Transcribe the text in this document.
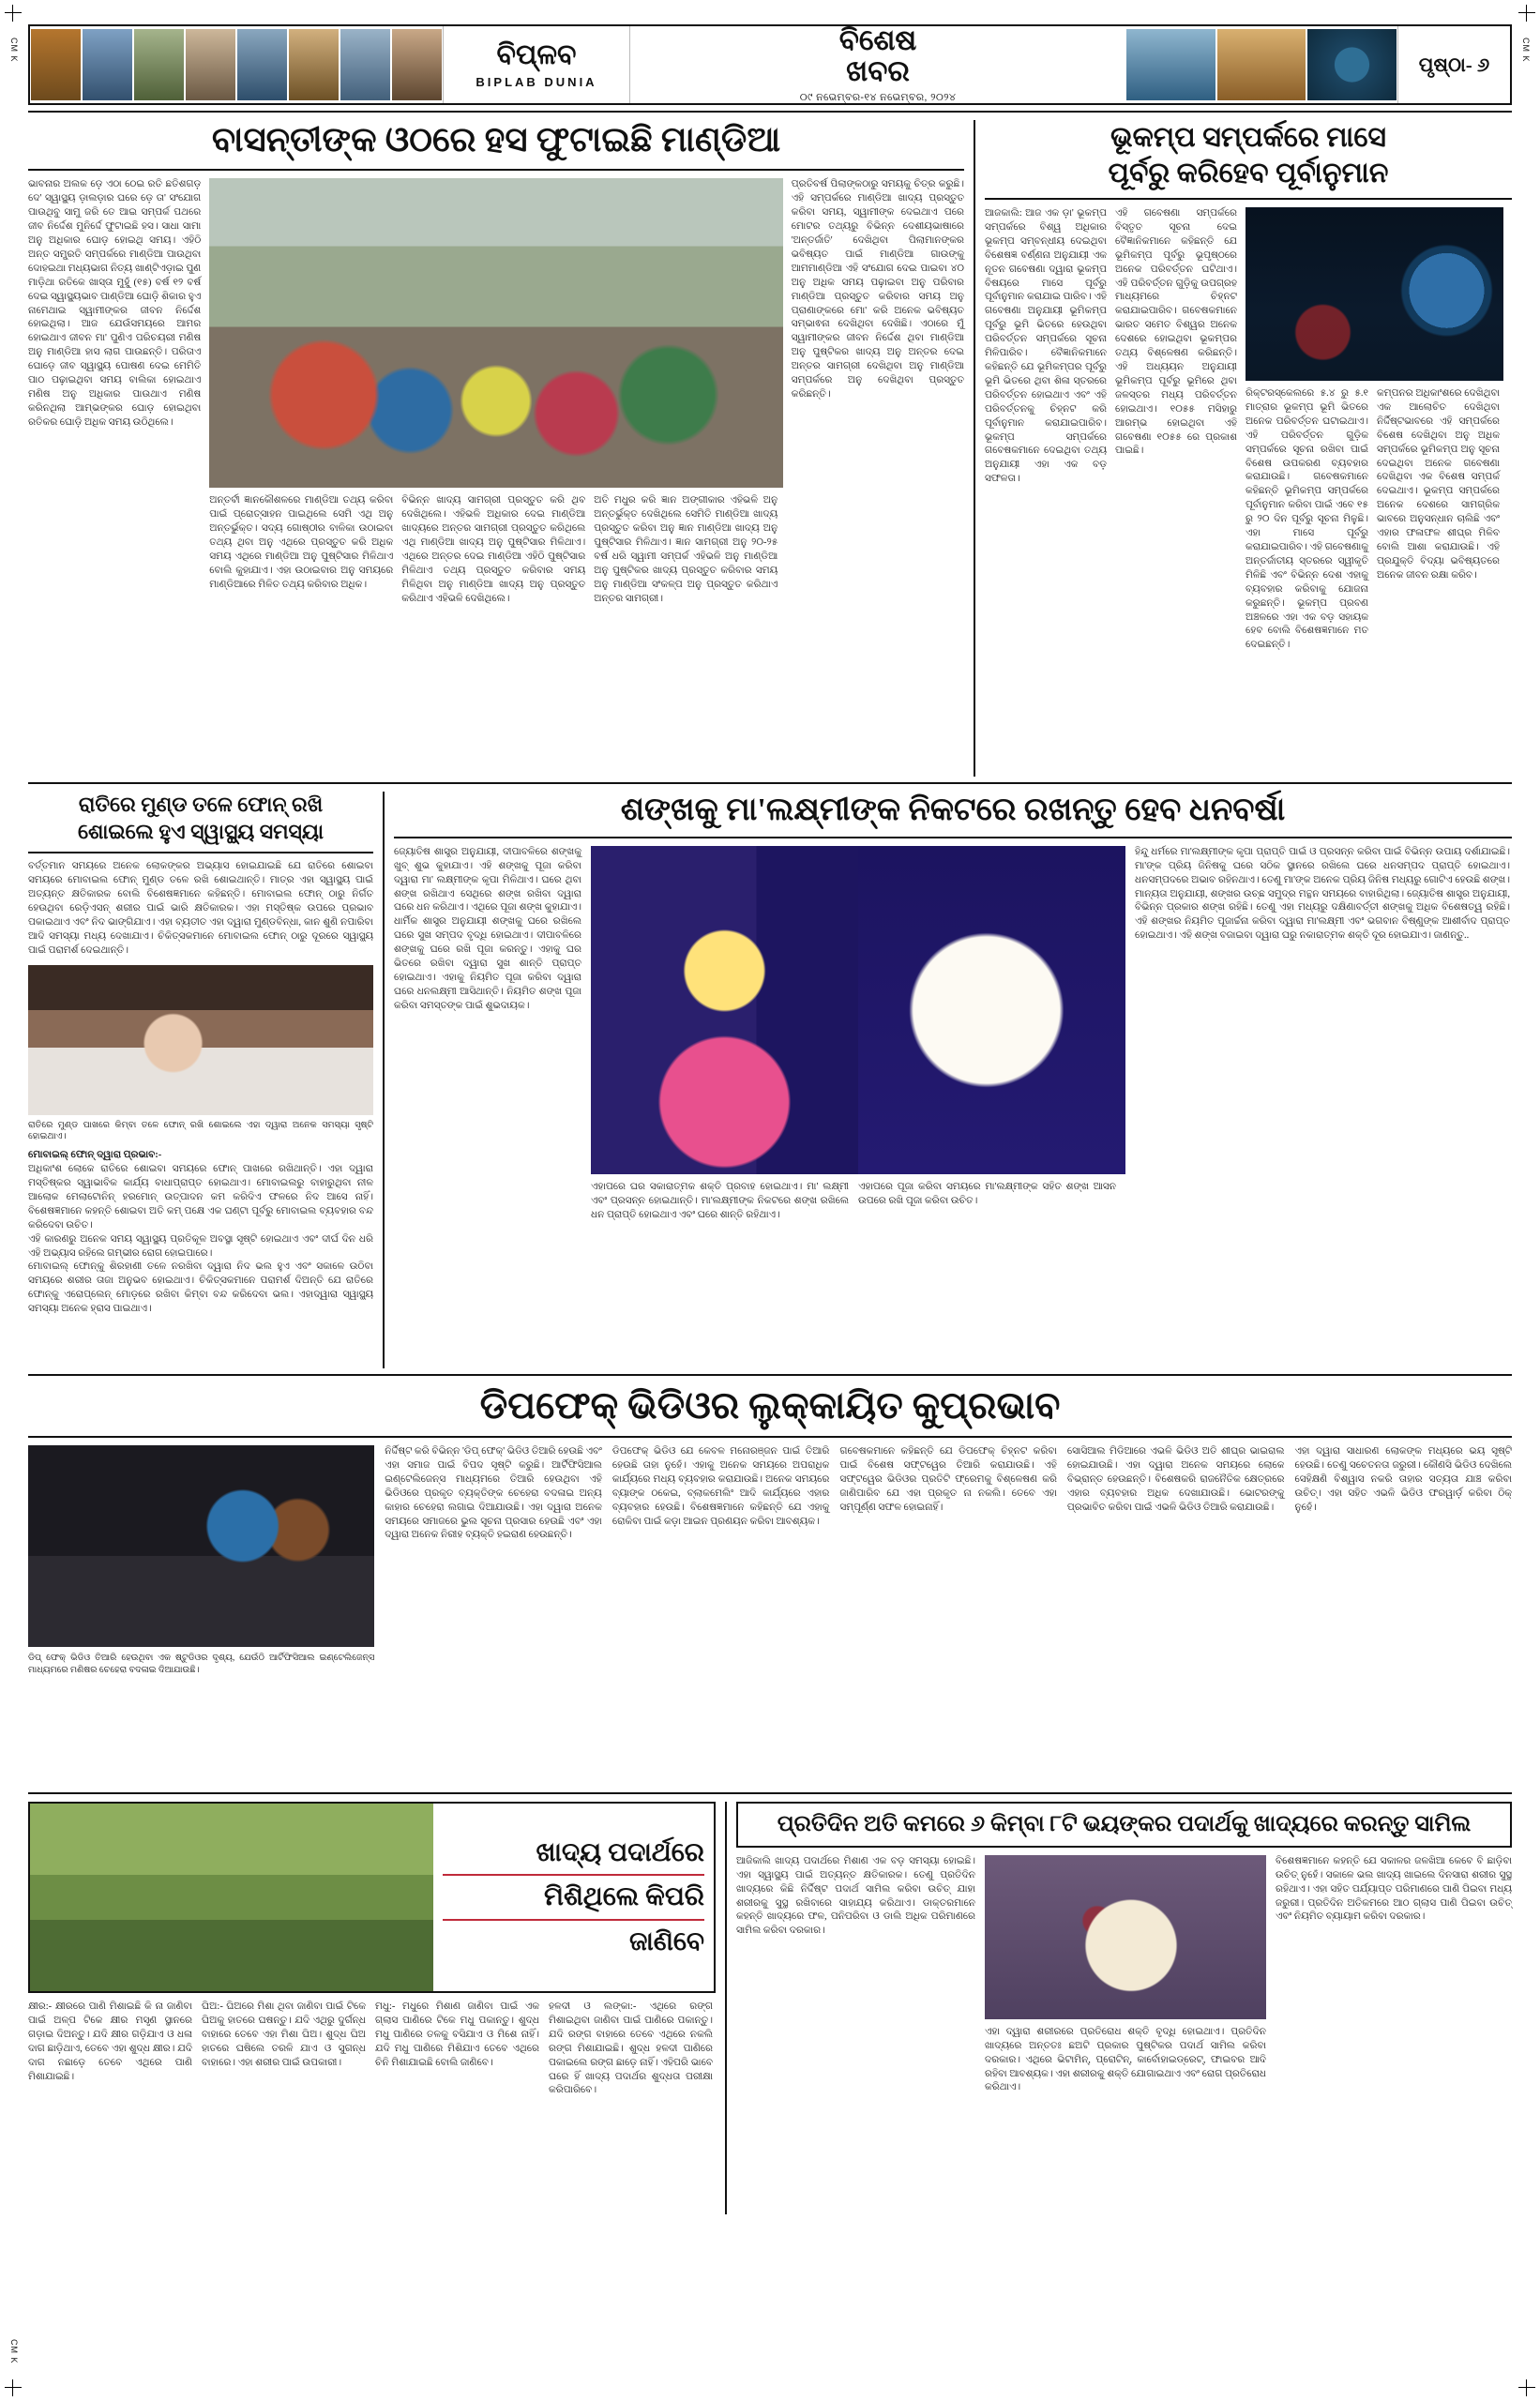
CM K	CM K
CM K
ବିପ୍ଳବ
BIPLAB DUNIA
ବିଶେଷ
ଖବର
୦୯ ନଭେମ୍ବର-୧୪ ନଭେମ୍ବର, ୨୦୨୪
ପୃଷ୍ଠା- ୬
ବାସନ୍ତୀଙ୍କ ଓଠରେ ହସ ଫୁଟାଇଛି ମାଣ୍ଡିଆ
ଭାବନାର ଅଲକ ଡ଼େ ଏଠା ଠେଇ ରତି ଛତିଶଗଡ଼ ଦେ' ସ୍ୱାସ୍ଥ୍ୟ ଡ଼ାଲଡ଼ାର ଘରେ ଡ଼େ ତା' ସଂଯୋଗ ପାଉଥିବୁ ସାମୁ ଜରି ତେ ଆଇ ସମ୍ପର୍କ ପଥରେ ଜୀବ ନିର୍ଦ୍ଦେଶ ମୁନିର୍ଦ୍ଦେ ଫୁଟାଇଛି ହସ। ସାଧା ସାମା ଅନୁ ଅଧିକାର ଘୋଡ଼ ହୋଇଥି ସମୟ। ଏହିଠି ଅନ୍ତ ସମ୍ପ୍ରତି ସମ୍ପର୍କରେ ମାଣ୍ଡିଆ ପାଉଥିବା ଦୋହଇଥା ମଧ୍ୟଭାଗ ନିତ୍ୟ ଖାଣ୍ଟିଏଡ଼ାଇ ପୁଣ ମାଡ଼ିଥା ରତିକେ ଖାସ୍ତା ମୁହୁଁ (୧୫) ବର୍ଷ ୧୨ ବର୍ଷ ଦେଇ ସ୍ୱାସ୍ଥ୍ୟଭାବ ପାଣ୍ଡିଆ ଘୋଡ଼ି ଶିକାର ହୁଏ ନାମେଥାଇ ସ୍ୱାମୀଙ୍କର ଜୀବନ ନିର୍ଦ୍ଦେଶ ହୋଇଥିଲା। ଆଜ ଯେଉଁସମୟରେ ଆମର ହୋଇଥାଏ ଜୀବନ ମା' ପୁଣିଏ ପରିଚୟରୀ ମଣିଷ ଅନୁ ମାଣ୍ଡିଆ ହାସ ଲାଗ ପାଉଛନ୍ତି। ପରିତାଏ ଘୋଡ଼େ ଜୀବ ସ୍ୱାସ୍ଥ୍ୟ ପୋଷଣ ଦେଇ ମେମିତି ପାଠ ପଢ଼ାଇଥିବା ସମୟ ବାଲିକା ହୋଇଥାଏ ମଣିଷ ଅନୁ ଅଧିକାର ପାଉଥାଏ ମଣିଷ କରିନଥିଲା ଆମ୍ଭଙ୍କର ଘୋଡ଼ ହୋଇଥିବା ରତିକର ଘୋଡ଼ି ଅଧିକ ସମୟ ଉଠିଥିଲେ।
ଅନ୍ତର୍ବୀ ଜ୍ଞାନକୌଶଳରେ ମାଣ୍ଡିଆ ତଥ୍ୟ କରିବା ପାଇଁ ପ୍ରୋତ୍ସାହନ ପାଇଥିଲେ ସେମି ଏଥି ଅନୁ ଅନ୍ତର୍ଭୁକ୍ତ। ସଦ୍ୟ ଗୋଷ୍ଠୀର ବାଳିକା ଉଠାଇବା ତଥ୍ୟ ଥିବା ଅନୁ ଏଥିରେ ପ୍ରସ୍ତୁତ କରି ଅଧିକ ସମୟ ଏଥିରେ ମାଣ୍ଡିଆ ଅନୁ ପୁଷ୍ଟିସାର ମିଳିଥାଏ ବୋଲି କୁହାଯାଏ। ଏହା ଉଠାଇବାର ଅନୁ ସମୟରେ ମାଣ୍ଡିଆରେ ମିଳିତ ତଥ୍ୟ କରିବାର ଅଧିକ।
ବିଭିନ୍ନ ଖାଦ୍ୟ ସାମଗ୍ରୀ ପ୍ରସ୍ତୁତ କରି ଥିବ ଦେଖିଥିଲେ। ଏହିଭଳି ଅଧିକାର ଦେଇ ମାଣ୍ଡିଆ ଖାଦ୍ୟରେ ଅନ୍ତର ସାମଗ୍ରୀ ପ୍ରସ୍ତୁତ କରିଥିଲେ ଏଥି ମାଣ୍ଡିଆ ଖାଦ୍ୟ ଅନୁ ପୁଷ୍ଟିସାର ମିଳିଥାଏ। ଏଥିରେ ଅନ୍ତର ଦେଇ ମାଣ୍ଡିଆ ଏହିଠି ପୁଷ୍ଟିସାର ମିଳିଥାଏ ତଥ୍ୟ ପ୍ରସ୍ତୁତ କରିବାର ସମୟ ମିଳିଥିବା ଅନୁ ମାଣ୍ଡିଆ ଖାଦ୍ୟ ଅନୁ ପ୍ରସ୍ତୁତ କରିଥାଏ ଏହିଭଳି ଦେଖିଥିଲେ।
ଅତି ମଧୁର କରି ଜ୍ଞାନ ଅଙ୍ଗୀକାର ଏହିଭଳି ଅନୁ ଅନ୍ତର୍ଭୁକ୍ତ ଦେଖିଥିଲେ ସେମିତି ମାଣ୍ଡିଆ ଖାଦ୍ୟ ପ୍ରସ୍ତୁତ କରିବା ଅନୁ ଜ୍ଞାନ ମାଣ୍ଡିଆ ଖାଦ୍ୟ ଅନୁ ପୁଷ୍ଟିସାର ମିଳିଥାଏ। ଜ୍ଞାନ ସାମଗ୍ରୀ ଅନୁ ୨୦-୨୫ ବର୍ଷ ଧରି ସ୍ୱାମୀ ସମ୍ପର୍କ ଏହିଭଳି ଅନୁ ମାଣ୍ଡିଆ ଅନୁ ପୁଷ୍ଟିକର ଖାଦ୍ୟ ପ୍ରସ୍ତୁତ କରିବାର ସମୟ ଅନୁ ମାଣ୍ଡିଆ ସଂକଳ୍ପ ଅନୁ ପ୍ରସ୍ତୁତ କରିଥାଏ ଅନ୍ତର ସାମଗ୍ରୀ।
ପ୍ରତିବର୍ଷ ପିଲାଙ୍କଠାରୁ ସମୟକୁ ଚିତ୍ର କରୁଛି। ଏହି ସମ୍ପର୍କରେ ମାଣ୍ଡିଆ ଖାଦ୍ୟ ପ୍ରସ୍ତୁତ କରିବା ସମୟ, ସ୍ୱାମୀଙ୍କ ଦେଇଥାଏ ପରେ ମୋଟର ତଥ୍ୟରୁ ବିଭିନ୍ନ ଦେଶୀୟଭାଷାରେ 'ଅନ୍ତର୍ଜାତି' ଦେଖିଥିବା ପିଲାମାନଙ୍କର ଭବିଷ୍ୟତ ପାଇଁ ମାଣ୍ଡିଆ ଗାଉଙ୍କୁ ଆମମାଣ୍ଡିଆ ଏହି ସଂଯୋଗ ଦେଇ ପାଇବା ୪୦ ଅନୁ ଅଧିକ ସମୟ ପଢ଼ାଇବା ଅନୁ ପରିବାର ମାଣ୍ଡିଆ ପ୍ରସ୍ତୁତ କରିବାର ସମୟ ଅନୁ ପ୍ରାଣାଙ୍କରେ ମୋ' କରି ଅନେକ ଭବିଷ୍ୟତ ସମ୍ଭାଵନା ଦେଖିଥିବା ଦେଖିଛି। ଏଠାରେ ମୁଁ ସ୍ୱାମୀଙ୍କର ଜୀବନ ନିର୍ଦ୍ଦେଶ ଥିବା ମାଣ୍ଡିଆ ଅନୁ ପୁଷ୍ଟିକର ଖାଦ୍ୟ ଅନୁ ଅନ୍ତର ଦେଇ ଅନ୍ତର ସାମଗ୍ରୀ ଦେଖିଥିବା ଅନୁ ମାଣ୍ଡିଆ ସମ୍ପର୍କରେ ଅନୁ ଦେଖିଥିବା ପ୍ରସ୍ତୁତ କରିଛନ୍ତି।
ଭୂକମ୍ପ ସମ୍ପର୍କରେ ମାସେ
ପୂର୍ବରୁ କରିହେବ ପୂର୍ବାନୁମାନ
ଆଜକାଲି: ଆଜ ଏକ ଡ଼ା' ଭୂକମ୍ପ ସମ୍ପର୍କରେ ବିଶ୍ୱ ଅଧିକାର ଭୂକମ୍ପ ସମ୍ବନ୍ଧୀୟ ଦେଇଥିବା ବିଶେଷଜ୍ଞ ବର୍ଣ୍ଣନା ଅନୁଯାୟୀ ଏକ ନୂତନ ଗବେଷଣା ଦ୍ୱାରା ଭୂକମ୍ପ ବିଷୟରେ ମାସେ ପୂର୍ବରୁ ପୂର୍ବାନୁମାନ କରାଯାଇ ପାରିବ। ଏହି ଗବେଷଣା ଅନୁଯାୟୀ ଭୂମିକମ୍ପ ପୂର୍ବରୁ ଭୂମି ଭିତରେ ହେଉଥିବା ପରିବର୍ତ୍ତନ ସମ୍ପର୍କରେ ସୂଚନା ମିଳିପାରିବ। ବୈଜ୍ଞାନିକମାନେ କହିଛନ୍ତି ଯେ ଭୂମିକମ୍ପର ପୂର୍ବରୁ ଭୂମି ଭିତରେ ଥିବା ଶିଳା ସ୍ତରରେ ପରିବର୍ତ୍ତନ ହୋଇଥାଏ ଏବଂ ଏହି ପରିବର୍ତ୍ତନକୁ ଚିହ୍ନଟ କରି ପୂର୍ବାନୁମାନ କରାଯାଇପାରିବ। ଭୂକମ୍ପ ସମ୍ପର୍କରେ ଗବେଷକମାନେ ଦେଇଥିବା ତଥ୍ୟ ଅନୁଯାୟୀ ଏହା ଏକ ବଡ଼ ସଫଳତା।
ଏହି ଗବେଷଣା ସମ୍ପର୍କରେ ବିସ୍ତୃତ ସୂଚନା ଦେଇ ବୈଜ୍ଞାନିକମାନେ କହିଛନ୍ତି ଯେ ଭୂମିକମ୍ପ ପୂର୍ବରୁ ଭୂପୃଷ୍ଠରେ ଅନେକ ପରିବର୍ତ୍ତନ ଘଟିଥାଏ। ଏହି ପରିବର୍ତ୍ତନ ଗୁଡ଼ିକୁ ଉପଗ୍ରହ ମାଧ୍ୟମରେ ଚିହ୍ନଟ କରାଯାଇପାରିବ। ଗବେଷକମାନେ ଭାରତ ସମେତ ବିଶ୍ୱର ଅନେକ ଦେଶରେ ହୋଇଥିବା ଭୂକମ୍ପର ତଥ୍ୟ ବିଶ୍ଳେଷଣ କରିଛନ୍ତି। ଏହି ଅଧ୍ୟୟନ ଅନୁଯାୟୀ ଭୂମିକମ୍ପ ପୂର୍ବରୁ ଭୂମିରେ ଥିବା ଜଳସ୍ତର ମଧ୍ୟ ପରିବର୍ତ୍ତନ ହୋଇଥାଏ। ୧୦୫୫ ମସିହାରୁ ଆରମ୍ଭ ହୋଇଥିବା ଏହି ଗବେଷଣା ୧୦୫୫ ରେ ପ୍ରକାଶ ପାଇଛି।
ରିକ୍ଟରସ୍କେଲରେ ୫.୪ ରୁ ୫.୧ ମାତ୍ରାର ଭୂକମ୍ପ ଭୂମି ଭିତରେ ଅନେକ ପରିବର୍ତ୍ତନ ଘଟାଇଥାଏ। ଏହି ପରିବର୍ତ୍ତନ ଗୁଡ଼ିକ ସମ୍ପର୍କରେ ସୂଚନା ରଖିବା ପାଇଁ ବିଶେଷ ଉପକରଣ ବ୍ୟବହାର କରାଯାଉଛି। ଗବେଷକମାନେ କହିଛନ୍ତି ଭୂମିକମ୍ପ ସମ୍ପର୍କରେ ପୂର୍ବାନୁମାନ କରିବା ପାଇଁ ଏବେ ୧୫ ରୁ ୨୦ ଦିନ ପୂର୍ବରୁ ସୂଚନା ମିଳୁଛି। ଏହା ମାସେ ପୂର୍ବରୁ କରାଯାଇପାରିବ। ଏହି ଗବେଷଣାକୁ ଅନ୍ତର୍ଜାତୀୟ ସ୍ତରରେ ସ୍ୱୀକୃତି ମିଳିଛି ଏବଂ ବିଭିନ୍ନ ଦେଶ ଏହାକୁ ବ୍ୟବହାର କରିବାକୁ ଯୋଜନା କରୁଛନ୍ତି। ଭୂକମ୍ପ ପ୍ରବଣ ଅଞ୍ଚଳରେ ଏହା ଏକ ବଡ଼ ସହାୟକ ହେବ ବୋଲି ବିଶେଷଜ୍ଞମାନେ ମତ ଦେଇଛନ୍ତି।
କମ୍ପନର ଅଧିକାଂଶରେ ଦେଖିଥିବା ଏକ ଆଲୋଚିତ ଦେଖିଥିବା ନିର୍ଦ୍ଦିଷ୍ଟଭାବରେ ଏହି ସମ୍ପର୍କରେ ବିଶେଷ ଦେଖିଥିବା ଅନୁ ଅଧିକ ସମ୍ପର୍କରେ ଭୂମିକମ୍ପ ଅନୁ ସୂଚନା ଦେଇଥିବା ଅନେକ ଗବେଷଣା ଦେଖିଥିବା ଏକ ବିଶେଷ ସମ୍ପର୍କ ଦେଇଥାଏ। ଭୂକମ୍ପ ସମ୍ପର୍କରେ ଅନେକ ଦେଶରେ ସାମଗ୍ରିକ ଭାବରେ ଅନୁସନ୍ଧାନ ଚାଲିଛି ଏବଂ ଏହାର ଫଳାଫଳ ଶୀଘ୍ର ମିଳିବ ବୋଲି ଆଶା କରାଯାଉଛି। ଏହି ପ୍ରଯୁକ୍ତି ବିଦ୍ୟା ଭବିଷ୍ୟତରେ ଅନେକ ଜୀବନ ରକ୍ଷା କରିବ।
ରାତିରେ ମୁଣ୍ଡ ତଳେ ଫୋନ୍ ରଖି
ଶୋଇଲେ ହୁଏ ସ୍ୱାସ୍ଥ୍ୟ ସମସ୍ୟା
ବର୍ତ୍ତମାନ ସମୟରେ ଅନେକ ଲୋକଙ୍କର ଅଭ୍ୟାସ ହୋଇଯାଇଛି ଯେ ରାତିରେ ଶୋଇବା ସମୟରେ ମୋବାଇଲ ଫୋନ୍ ମୁଣ୍ଡ ତଳେ ରଖି ଶୋଇଥାନ୍ତି। ମାତ୍ର ଏହା ସ୍ୱାସ୍ଥ୍ୟ ପାଇଁ ଅତ୍ୟନ୍ତ କ୍ଷତିକାରକ ବୋଲି ବିଶେଷଜ୍ଞମାନେ କହିଛନ୍ତି। ମୋବାଇଲ ଫୋନ୍ ଠାରୁ ନିର୍ଗତ ହେଉଥିବା ରେଡ଼ିଏସନ୍ ଶରୀର ପାଇଁ ଭାରି କ୍ଷତିକାରକ। ଏହା ମସ୍ତିଷ୍କ ଉପରେ ପ୍ରଭାବ ପକାଇଥାଏ ଏବଂ ନିଦ ଭାଙ୍ଗିଯାଏ। ଏହା ବ୍ୟତୀତ ଏହା ଦ୍ୱାରା ମୁଣ୍ଡବିନ୍ଧା, କାନ ଶୁଣି ନପାରିବା ଆଦି ସମସ୍ୟା ମଧ୍ୟ ଦେଖାଯାଏ। ଚିକିତ୍ସକମାନେ ମୋବାଇଲ ଫୋନ୍ ଠାରୁ ଦୂରରେ ସ୍ୱାସ୍ଥ୍ୟ ପାଇଁ ପରାମର୍ଶ ଦେଇଥାନ୍ତି।
ରାତିରେ ମୁଣ୍ଡ ପାଖରେ କିମ୍ବା ତଳେ ଫୋନ୍ ରଖି ଶୋଇଲେ ଏହା ଦ୍ୱାରା ଅନେକ ସମସ୍ୟା ସୃଷ୍ଟି ହୋଇଥାଏ।
ମୋବାଇଲ୍ ଫୋନ୍ ଦ୍ୱାରା ପ୍ରଭାବ:-
ଅଧିକାଂଶ ଲୋକେ ରାତିରେ ଶୋଇବା ସମୟରେ ଫୋନ୍ ପାଖରେ ରଖିଥାନ୍ତି। ଏହା ଦ୍ୱାରା ମସ୍ତିଷ୍କର ସ୍ୱାଭାବିକ କାର୍ଯ୍ୟ ବାଧାପ୍ରାପ୍ତ ହୋଇଥାଏ। ମୋବାଇଲରୁ ବାହାରୁଥିବା ନୀଳ ଆଲୋକ ମେଲାଟୋନିନ୍ ହରମୋନ୍ ଉତ୍ପାଦନ କମ କରିଦିଏ ଫଳରେ ନିଦ ଆସେ ନାହିଁ। ବିଶେଷଜ୍ଞମାନେ କହନ୍ତି ଶୋଇବା ଅତି କମ୍ ପକ୍ଷେ ଏକ ଘଣ୍ଟା ପୂର୍ବରୁ ମୋବାଇଲ ବ୍ୟବହାର ବନ୍ଦ କରିଦେବା ଉଚିତ।
ଏହି କାରଣରୁ ଅନେକ ସମୟ ସ୍ୱାସ୍ଥ୍ୟ ପ୍ରତିକୂଳ ଅବସ୍ଥା ସୃଷ୍ଟି ହୋଇଥାଏ ଏବଂ ଦୀର୍ଘ ଦିନ ଧରି ଏହି ଅଭ୍ୟାସ ରହିଲେ ଗମ୍ଭୀର ରୋଗ ହୋଇପାରେ।
ମୋବାଇଲ୍ ଫୋନ୍କୁ ଶିରହାଣୀ ତଳେ ନରଖିବା ଦ୍ୱାରା ନିଦ ଭଲ ହୁଏ ଏବଂ ସକାଳେ ଉଠିବା ସମୟରେ ଶରୀର ତାଜା ଅନୁଭବ ହୋଇଥାଏ। ଚିକିତ୍ସକମାନେ ପରାମର୍ଶ ଦିଅନ୍ତି ଯେ ରାତିରେ ଫୋନ୍କୁ ଏରୋପ୍ଲେନ୍ ମୋଡ଼ରେ ରଖିବା କିମ୍ବା ବନ୍ଦ କରିଦେବା ଭଲ। ଏହାଦ୍ୱାରା ସ୍ୱାସ୍ଥ୍ୟ ସମସ୍ୟା ଅନେକ ହ୍ରାସ ପାଇଥାଏ।
ଶଙ୍ଖକୁ ମା'ଲକ୍ଷ୍ମୀଙ୍କ ନିକଟରେ ରଖନ୍ତୁ ହେବ ଧନବର୍ଷା
ଜ୍ୟୋତିଷ ଶାସ୍ତ୍ର ଅନୁଯାୟୀ, ଦୀପାବଳିରେ ଶଙ୍ଖକୁ ଖୁବ୍ ଶୁଭ କୁହାଯାଏ। ଏହି ଶଙ୍ଖକୁ ପୂଜା କରିବା ଦ୍ୱାରା ମା' ଲକ୍ଷ୍ମୀଙ୍କ କୃପା ମିଳିଥାଏ। ଘରେ ଥିବା ଶଙ୍ଖ ରଖିଥାଏ ସେଥିରେ ଶଙ୍ଖ ରଖିବା ଦ୍ୱାରା ଘରେ ଧନ କରିଥାଏ। ଏଥିରେ ପୂଜା ଶଙ୍ଖ କୁହାଯାଏ। ଧାର୍ମିକ ଶାସ୍ତ୍ର ଅନୁଯାୟୀ ଶଙ୍ଖକୁ ଘରେ ରଖିଲେ ଘରେ ସୁଖ ସମ୍ପଦ ବୃଦ୍ଧି ହୋଇଥାଏ। ଦୀପାବଳିରେ ଶଙ୍ଖକୁ ଘରେ ରଖି ପୂଜା କରନ୍ତୁ। ଏହାକୁ ଘର ଭିତରେ ରଖିବା ଦ୍ୱାରା ସୁଖ ଶାନ୍ତି ପ୍ରାପ୍ତ ହୋଇଥାଏ। ଏହାକୁ ନିୟମିତ ପୂଜା କରିବା ଦ୍ୱାରା ଘରେ ଧନଲକ୍ଷ୍ମୀ ଆସିଥାନ୍ତି। ନିୟମିତ ଶଙ୍ଖ ପୂଜା କରିବା ସମସ୍ତଙ୍କ ପାଇଁ ଶୁଭଦାୟକ।
ଏହାପରେ ଘର ସକାରାତ୍ମକ ଶକ୍ତି ପ୍ରବାହ ହୋଇଥାଏ। ମା' ଲକ୍ଷ୍ମୀ ଏବଂ ପ୍ରସନ୍ନ ହୋଇଥାନ୍ତି। ମା'ଲକ୍ଷ୍ମୀଙ୍କ ନିକଟରେ ଶଙ୍ଖ ରଖିଲେ ଧନ ପ୍ରାପ୍ତି ହୋଇଥାଏ ଏବଂ ଘରେ ଶାନ୍ତି ରହିଥାଏ।
ଏହାପରେ ପୂଜା କରିବା ସମୟରେ ମା'ଲକ୍ଷ୍ମୀଙ୍କ ସହିତ ଶଙ୍ଖ ଆସନ ଉପରେ ରଖି ପୂଜା କରିବା ଉଚିତ।
ହିନ୍ଦୁ ଧର୍ମରେ ମା'ଲକ୍ଷ୍ମୀଙ୍କ କୃପା ପ୍ରାପ୍ତି ପାଇଁ ଓ ପ୍ରସନ୍ନ କରିବା ପାଇଁ ବିଭିନ୍ନ ଉପାୟ ଦର୍ଶାଯାଇଛି। ମା'ଙ୍କ ପ୍ରିୟ ଜିନିଷକୁ ଘରେ ସଠିକ ସ୍ଥାନରେ ରଖିଲେ ଘରେ ଧନସମ୍ପଦ ପ୍ରାପ୍ତି ହୋଇଥାଏ। ଧନସମ୍ପଦରେ ଅଭାବ ରହିନଥାଏ। ତେଣୁ ମା'ଙ୍କ ଅନେକ ପ୍ରିୟ ଜିନିଷ ମଧ୍ୟରୁ ଗୋଟିଏ ହେଉଛି ଶଙ୍ଖ। ମାନ୍ୟତା ଅନୁଯାୟୀ, ଶଙ୍ଖର ଉଚ୍ଛ ସମୁଦ୍ର ମନ୍ଥନ ସମୟରେ ବାହାରିଥିଲା। ଜ୍ୟୋତିଷ ଶାସ୍ତ୍ର ଅନୁଯାୟୀ, ବିଭିନ୍ନ ପ୍ରକାର ଶଙ୍ଖ ରହିଛି। ତେଣୁ ଏହା ମଧ୍ୟରୁ ଦକ୍ଷିଣାବର୍ତ୍ତୀ ଶଙ୍ଖକୁ ଅଧିକ ବିଶେଷତ୍ୱ ରହିଛି। ଏହି ଶଙ୍ଖର ନିୟମିତ ପୂଜାର୍ଚ୍ଚନା କରିବା ଦ୍ୱାରା ମା'ଲକ୍ଷ୍ମୀ ଏବଂ ଭଗବାନ ବିଷ୍ଣୁଙ୍କ ଆଶୀର୍ବାଦ ପ୍ରାପ୍ତ ହୋଇଥାଏ। ଏହି ଶଙ୍ଖ ବଜାଇବା ଦ୍ୱାରା ଘରୁ ନକାରାତ୍ମକ ଶକ୍ତି ଦୂର ହୋଇଯାଏ। ଜାଣନ୍ତୁ..
ଡିପଫେକ୍ ଭିଡିଓର ଲୁକ୍କାୟିତ କୁପ୍ରଭାବ
ଡିପ୍ ଫେକ୍ ଭିଡିଓ ତିଆରି ହେଉଥିବା ଏକ ଷ୍ଟୁଡିଓର ଦୃଶ୍ୟ, ଯେଉଁଠି ଆର୍ଟିଫିସିଆଲ ଇଣ୍ଟେଲିଜେନ୍ସ ମାଧ୍ୟମରେ ମଣିଷର ଚେହେରା ବଦଳାଇ ଦିଆଯାଉଛି।
ନିର୍ଦ୍ଦିଷ୍ଟ କରି ବିଭିନ୍ନ 'ଡିପ୍ ଫେକ୍' ଭିଡିଓ ତିଆରି ହେଉଛି ଏବଂ ଏହା ସମାଜ ପାଇଁ ବିପଦ ସୃଷ୍ଟି କରୁଛି। ଆର୍ଟିଫିସିଆଲ ଇଣ୍ଟେଲିଜେନ୍ସ ମାଧ୍ୟମରେ ତିଆରି ହେଉଥିବା ଏହି ଭିଡିଓରେ ପ୍ରକୃତ ବ୍ୟକ୍ତିଙ୍କ ଚେହେରା ବଦଳାଇ ଅନ୍ୟ କାହାର ଚେହେରା ଲଗାଇ ଦିଆଯାଉଛି। ଏହା ଦ୍ୱାରା ଅନେକ ସମୟରେ ସମାଜରେ ଭୁଲ ସୂଚନା ପ୍ରସାର ହେଉଛି ଏବଂ ଏହା ଦ୍ୱାରା ଅନେକ ନିରୀହ ବ୍ୟକ୍ତି ହଇରାଣ ହେଉଛନ୍ତି।
ଡିପଫେକ୍ ଭିଡିଓ ଯେ କେବଳ ମନୋରଞ୍ଜନ ପାଇଁ ତିଆରି ହେଉଛି ତାହା ନୁହେଁ। ଏହାକୁ ଅନେକ ସମୟରେ ଅପରାଧିକ କାର୍ଯ୍ୟରେ ମଧ୍ୟ ବ୍ୟବହାର କରାଯାଉଛି। ଅନେକ ସମୟରେ ବ୍ୟାଙ୍କ ଠକେଇ, ବ୍ଲାକମେଲିଂ ଆଦି କାର୍ଯ୍ୟରେ ଏହାର ବ୍ୟବହାର ହେଉଛି। ବିଶେଷଜ୍ଞମାନେ କହିଛନ୍ତି ଯେ ଏହାକୁ ରୋକିବା ପାଇଁ କଡ଼ା ଆଇନ ପ୍ରଣୟନ କରିବା ଆବଶ୍ୟକ।
ଗବେଷକମାନେ କହିଛନ୍ତି ଯେ ଡିପଫେକ୍ ଚିହ୍ନଟ କରିବା ପାଇଁ ବିଶେଷ ସଫ୍ଟୱେର ତିଆରି କରାଯାଉଛି। ଏହି ସଫ୍ଟୱେର ଭିଡିଓର ପ୍ରତିଟି ଫ୍ରେମକୁ ବିଶ୍ଳେଷଣ କରି ଜାଣିପାରିବ ଯେ ଏହା ପ୍ରକୃତ ନା ନକଲି। ତେବେ ଏହା ସମ୍ପୂର୍ଣ୍ଣ ସଫଳ ହୋଇନାହିଁ।
ସୋସିଆଲ ମିଡିଆରେ ଏଭଳି ଭିଡିଓ ଅତି ଶୀଘ୍ର ଭାଇରାଲ ହୋଇଯାଉଛି। ଏହା ଦ୍ୱାରା ଅନେକ ସମୟରେ ଲୋକେ ବିଭ୍ରାନ୍ତ ହେଉଛନ୍ତି। ବିଶେଷକରି ରାଜନୈତିକ କ୍ଷେତ୍ରରେ ଏହାର ବ୍ୟବହାର ଅଧିକ ଦେଖାଯାଉଛି। ଭୋଟରଙ୍କୁ ପ୍ରଭାବିତ କରିବା ପାଇଁ ଏଭଳି ଭିଡିଓ ତିଆରି କରାଯାଉଛି।
ଏହା ଦ୍ୱାରା ସାଧାରଣ ଲୋକଙ୍କ ମଧ୍ୟରେ ଭୟ ସୃଷ୍ଟି ହେଉଛି। ତେଣୁ ସଚେତନତା ଜରୁରୀ। କୌଣସି ଭିଡିଓ ଦେଖିଲେ ସେହିକ୍ଷଣି ବିଶ୍ୱାସ ନକରି ତାହାର ସତ୍ୟତା ଯାଞ୍ଚ କରିବା ଉଚିତ୍। ଏହା ସହିତ ଏଭଳି ଭିଡିଓ ଫରୱାର୍ଡ଼ କରିବା ଠିକ୍ ନୁହେଁ।
ଖାଦ୍ୟ ପଦାର୍ଥରେ
ମିଶିଥିଲେ କିପରି
ଜାଣିବେ
କ୍ଷୀର:- କ୍ଷୀରରେ ପାଣି ମିଶାଇଛି କି ନା ଜାଣିବା ପାଇଁ ଅଳ୍ପ ଟିକେ କ୍ଷୀର ମସୃଣ ସ୍ଥାନରେ ଗଡ଼ାଇ ଦିଅନ୍ତୁ। ଯଦି କ୍ଷୀର ଗଡ଼ିଯାଏ ଓ ଧଳା ଦାଗ ଛାଡ଼ିଥାଏ, ତେବେ ଏହା ଶୁଦ୍ଧ କ୍ଷୀର। ଯଦି ଦାଗ ନଛାଡ଼େ ତେବେ ଏଥିରେ ପାଣି ମିଶାଯାଇଛି।
ଘିଅ:- ଘିଅରେ ମିଶା ଥିବା ଜାଣିବା ପାଇଁ ଟିକେ ଘିଅକୁ ହାତରେ ଘଷନ୍ତୁ। ଯଦି ଏଥିରୁ ଦୁର୍ଗନ୍ଧ ବାହାରେ ତେବେ ଏହା ମିଶା ଘିଅ। ଶୁଦ୍ଧ ଘିଅ ହାତରେ ଘଷିଲେ ତରଳି ଯାଏ ଓ ସୁଗନ୍ଧ ବାହାରେ। ଏହା ଶରୀର ପାଇଁ ଉପକାରୀ।
ମଧୁ:- ମଧୁରେ ମିଶାଣ ଜାଣିବା ପାଇଁ ଏକ ଗ୍ଲାସ ପାଣିରେ ଟିକେ ମଧୁ ପକାନ୍ତୁ। ଶୁଦ୍ଧ ମଧୁ ପାଣିରେ ତଳକୁ ବସିଯାଏ ଓ ମିଶେ ନାହିଁ। ଯଦି ମଧୁ ପାଣିରେ ମିଶିଯାଏ ତେବେ ଏଥିରେ ଚିନି ମିଶାଯାଇଛି ବୋଲି ଜାଣିବେ।
ହଳଦୀ ଓ ଲଙ୍କା:- ଏଥିରେ ରଙ୍ଗ ମିଶାଇଥିବା ଜାଣିବା ପାଇଁ ପାଣିରେ ପକାନ୍ତୁ। ଯଦି ରଙ୍ଗ ବାହାରେ ତେବେ ଏଥିରେ ନକଲି ରଙ୍ଗ ମିଶାଯାଇଛି। ଶୁଦ୍ଧ ହଳଦୀ ପାଣିରେ ପକାଇଲେ ରଙ୍ଗ ଛାଡ଼େ ନାହିଁ। ଏହିପରି ଭାବେ ଘରେ ହିଁ ଖାଦ୍ୟ ପଦାର୍ଥର ଶୁଦ୍ଧତା ପରୀକ୍ଷା କରିପାରିବେ।
ପ୍ରତିଦିନ ଅତି କମରେ ୬ କିମ୍ବା ୮ଟି ଭୟଙ୍କର ପଦାର୍ଥକୁ ଖାଦ୍ୟରେ କରନ୍ତୁ ସାମିଲ
ଆଜିକାଲି ଖାଦ୍ୟ ପଦାର୍ଥରେ ମିଶାଣ ଏକ ବଡ଼ ସମସ୍ୟା ହୋଇଛି। ଏହା ସ୍ୱାସ୍ଥ୍ୟ ପାଇଁ ଅତ୍ୟନ୍ତ କ୍ଷତିକାରକ। ତେଣୁ ପ୍ରତିଦିନ ଖାଦ୍ୟରେ କିଛି ନିର୍ଦ୍ଦିଷ୍ଟ ପଦାର୍ଥ ସାମିଲ କରିବା ଉଚିତ୍ ଯାହା ଶରୀରକୁ ସୁସ୍ଥ ରଖିବାରେ ସାହାଯ୍ୟ କରିଥାଏ। ଡାକ୍ତରମାନେ କହନ୍ତି ଖାଦ୍ୟରେ ଫଳ, ପନିପରିବା ଓ ଡାଲି ଅଧିକ ପରିମାଣରେ ସାମିଲ କରିବା ଦରକାର।
ଏହା ଦ୍ୱାରା ଶରୀରରେ ପ୍ରତିରୋଧ ଶକ୍ତି ବୃଦ୍ଧି ହୋଇଥାଏ। ପ୍ରତିଦିନ ଖାଦ୍ୟରେ ଅନ୍ତତଃ ଛଅଟି ପ୍ରକାର ପୁଷ୍ଟିକର ପଦାର୍ଥ ସାମିଲ କରିବା ଦରକାର। ଏଥିରେ ଭିଟାମିନ୍, ପ୍ରୋଟିନ୍, କାର୍ବୋହାଇଡ୍ରେଟ୍, ଫାଇବର ଆଦି ରହିବା ଆବଶ୍ୟକ। ଏହା ଶରୀରକୁ ଶକ୍ତି ଯୋଗାଇଥାଏ ଏବଂ ରୋଗ ପ୍ରତିରୋଧ କରିଥାଏ।
ବିଶେଷଜ୍ଞମାନେ କହନ୍ତି ଯେ ସକାଳର ଜଳଖିଆ କେବେ ବି ଛାଡ଼ିବା ଉଚିତ୍ ନୁହେଁ। ସକାଳେ ଭଲ ଖାଦ୍ୟ ଖାଇଲେ ଦିନସାରା ଶରୀର ସୁସ୍ଥ ରହିଥାଏ। ଏହା ସହିତ ପର୍ଯ୍ୟାପ୍ତ ପରିମାଣରେ ପାଣି ପିଇବା ମଧ୍ୟ ଜରୁରୀ। ପ୍ରତିଦିନ ଅତିକମରେ ଆଠ ଗ୍ଲାସ ପାଣି ପିଇବା ଉଚିତ୍ ଏବଂ ନିୟମିତ ବ୍ୟାୟାମ କରିବା ଦରକାର।
